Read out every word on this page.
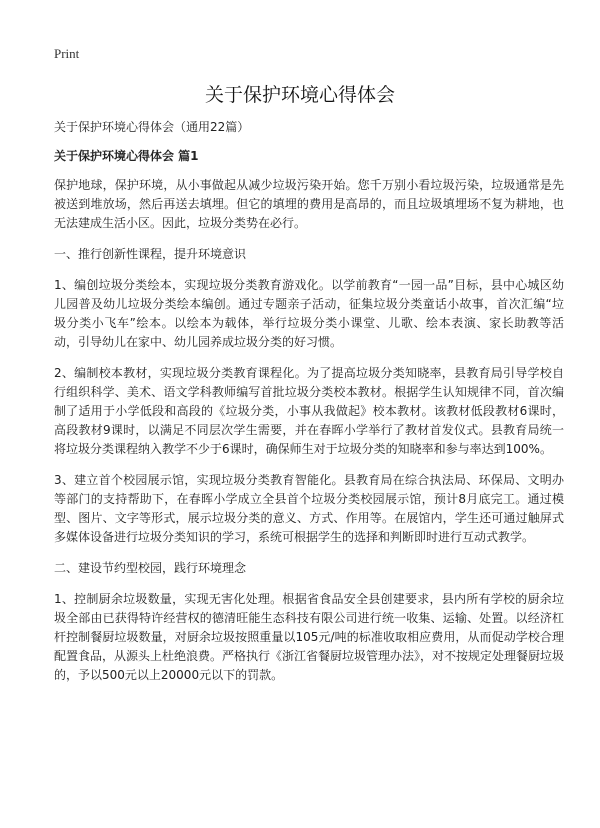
Print
关于保护环境心得体会
关于保护环境心得体会（通用22篇）
关于保护环境心得体会 篇1

保护地球，保护环境，从小事做起从减少垃圾污染开始。您千万别小看垃圾污染，垃圾通常是先被送到堆放场，然后再送去填埋。但它的填埋的费用是高昂的，而且垃圾填埋场不复为耕地，也无法建成生活小区。因此，垃圾分类势在必行。

一、推行创新性课程，提升环境意识

1、编创垃圾分类绘本，实现垃圾分类教育游戏化。以学前教育“一园一品”目标，县中心城区幼儿园普及幼儿垃圾分类绘本编创。通过专题亲子活动，征集垃圾分类童话小故事，首次汇编“垃圾分类小飞车”绘本。以绘本为载体，举行垃圾分类小课堂、儿歌、绘本表演、家长助教等活动，引导幼儿在家中、幼儿园养成垃圾分类的好习惯。

2、编制校本教材，实现垃圾分类教育课程化。为了提高垃圾分类知晓率，县教育局引导学校自行组织科学、美术、语文学科教师编写首批垃圾分类校本教材。根据学生认知规律不同，首次编制了适用于小学低段和高段的《垃圾分类，小事从我做起》校本教材。该教材低段教材6课时，高段教材9课时，以满足不同层次学生需要，并在春晖小学举行了教材首发仪式。县教育局统一将垃圾分类课程纳入教学不少于6课时，确保师生对于垃圾分类的知晓率和参与率达到100%。

3、建立首个校园展示馆，实现垃圾分类教育智能化。县教育局在综合执法局、环保局、文明办等部门的支持帮助下，在春晖小学成立全县首个垃圾分类校园展示馆，预计8月底完工。通过模型、图片、文字等形式，展示垃圾分类的意义、方式、作用等。在展馆内，学生还可通过触屏式多媒体设备进行垃圾分类知识的学习，系统可根据学生的选择和判断即时进行互动式教学。

二、建设节约型校园，践行环境理念

1、控制厨余垃圾数量，实现无害化处理。根据省食品安全县创建要求，县内所有学校的厨余垃圾全部由已获得特许经营权的德清旺能生态科技有限公司进行统一收集、运输、处置。以经济杠杆控制餐厨垃圾数量，对厨余垃圾按照重量以105元/吨的标准收取相应费用，从而促动学校合理配置食品，从源头上杜绝浪费。严格执行《浙江省餐厨垃圾管理办法》，对不按规定处理餐厨垃圾的，予以500元以上20000元以下的罚款。
